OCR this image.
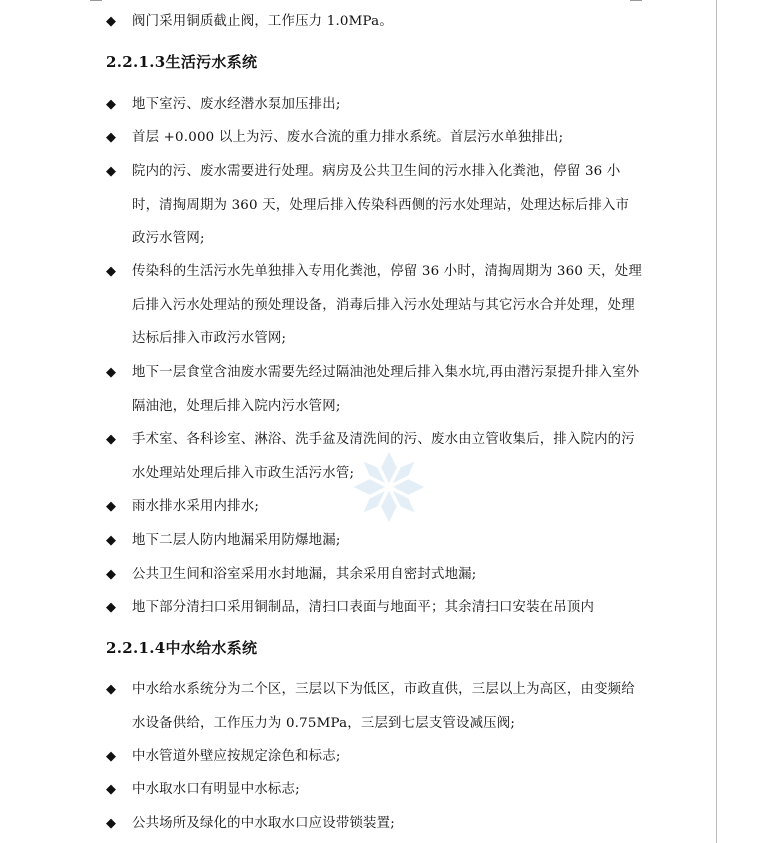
◆ 阀门采用铜质截止阀，工作压力 1.0MPa。
2.2.1.3生活污水系统
◆ 地下室污、废水经潜水泵加压排出;
◆ 首层 +0.000 以上为污、废水合流的重力排水系统。首层污水单独排出;
◆ 院内的污、废水需要进行处理。病房及公共卫生间的污水排入化粪池，停留 36 小时，清掏周期为 360 天，处理后排入传染科西侧的污水处理站，处理达标后排入市政污水管网;
◆ 传染科的生活污水先单独排入专用化粪池，停留 36 小时，清掏周期为 360 天，处理后排入污水处理站的预处理设备，消毒后排入污水处理站与其它污水合并处理，处理达标后排入市政污水管网;
◆ 地下一层食堂含油废水需要先经过隔油池处理后排入集水坑,再由潜污泵提升排入室外隔油池，处理后排入院内污水管网;
◆ 手术室、各科诊室、淋浴、洗手盆及清洗间的污、废水由立管收集后，排入院内的污水处理站处理后排入市政生活污水管;
◆ 雨水排水采用内排水;
◆ 地下二层人防内地漏采用防爆地漏;
◆ 公共卫生间和浴室采用水封地漏，其余采用自密封式地漏;
◆ 地下部分清扫口采用铜制品，清扫口表面与地面平；其余清扫口安装在吊顶内
2.2.1.4中水给水系统
◆ 中水给水系统分为二个区，三层以下为低区，市政直供，三层以上为高区，由变频给水设备供给，工作压力为 0.75MPa，三层到七层支管设减压阀;
◆ 中水管道外壁应按规定涂色和标志;
◆ 中水取水口有明显中水标志;
◆ 公共场所及绿化的中水取水口应设带锁装置;
